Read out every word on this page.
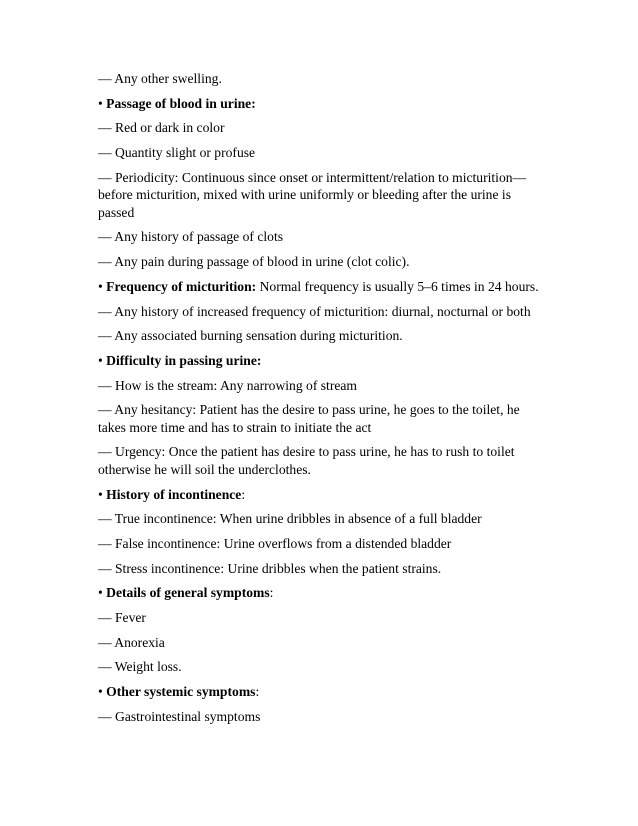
— Any other swelling.

• Passage of blood in urine:

— Red or dark in color

— Quantity slight or profuse

— Periodicity: Continuous since onset or intermittent/relation to micturition—before micturition, mixed with urine uniformly or bleeding after the urine is passed

— Any history of passage of clots

— Any pain during passage of blood in urine (clot colic).

• Frequency of micturition: Normal frequency is usually 5–6 times in 24 hours.

— Any history of increased frequency of micturition: diurnal, nocturnal or both

— Any associated burning sensation during micturition.

• Difficulty in passing urine:

— How is the stream: Any narrowing of stream

— Any hesitancy: Patient has the desire to pass urine, he goes to the toilet, he takes more time and has to strain to initiate the act

— Urgency: Once the patient has desire to pass urine, he has to rush to toilet otherwise he will soil the underclothes.

• History of incontinence:

— True incontinence: When urine dribbles in absence of a full bladder

— False incontinence: Urine overflows from a distended bladder

— Stress incontinence: Urine dribbles when the patient strains.

• Details of general symptoms:

— Fever

— Anorexia

— Weight loss.

• Other systemic symptoms:

— Gastrointestinal symptoms
